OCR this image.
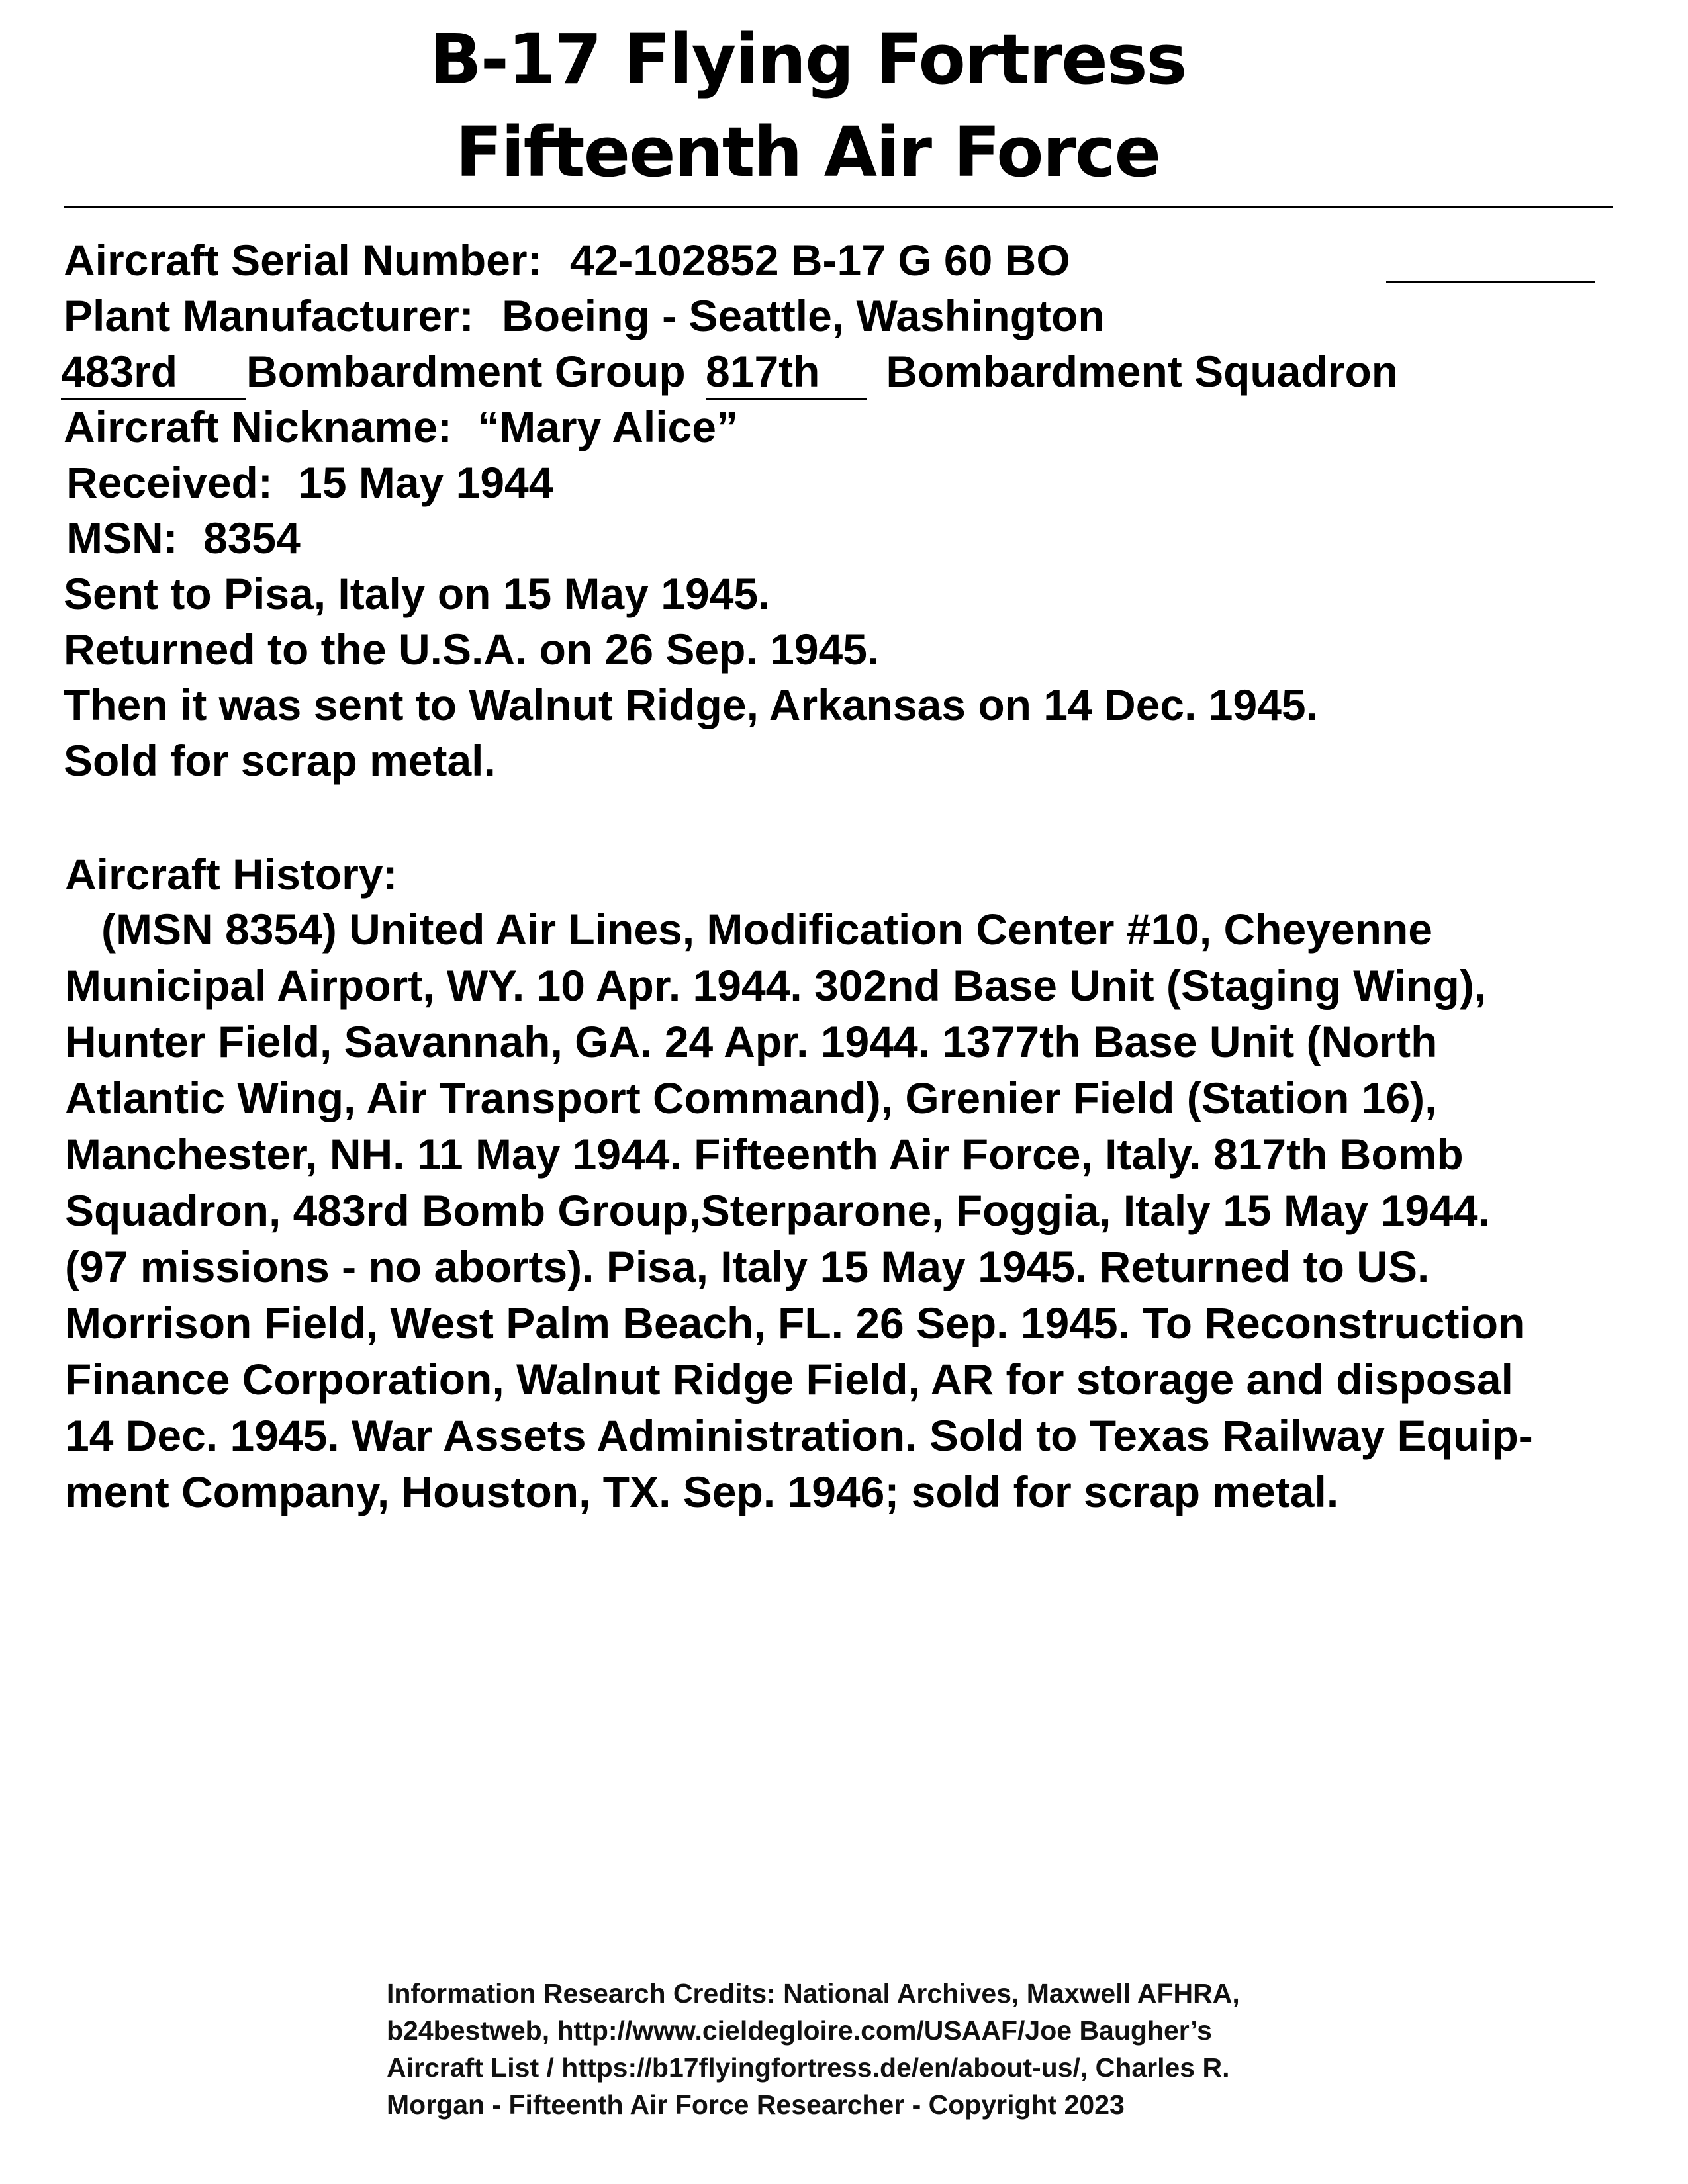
B-17 Flying Fortress
Fifteenth Air Force
Aircraft Serial Number: 42-102852 B-17 G 60 BO
Plant Manufacturer: Boeing - Seattle, Washington
483rd Bombardment Group 817th Bombardment Squadron
Aircraft Nickname: “Mary Alice”
Received: 15 May 1944
MSN: 8354
Sent to Pisa, Italy on 15 May 1945.
Returned to the U.S.A. on 26 Sep. 1945.
Then it was sent to Walnut Ridge, Arkansas on 14 Dec. 1945.
Sold for scrap metal.
Aircraft History:
(MSN 8354) United Air Lines, Modification Center #10, Cheyenne
Municipal Airport, WY. 10 Apr. 1944. 302nd Base Unit (Staging Wing),
Hunter Field, Savannah, GA. 24 Apr. 1944. 1377th Base Unit (North
Atlantic Wing, Air Transport Command), Grenier Field (Station 16),
Manchester, NH. 11 May 1944. Fifteenth Air Force, Italy. 817th Bomb
Squadron, 483rd Bomb Group,Sterparone, Foggia, Italy 15 May 1944.
(97 missions - no aborts). Pisa, Italy 15 May 1945. Returned to US.
Morrison Field, West Palm Beach, FL. 26 Sep. 1945. To Reconstruction
Finance Corporation, Walnut Ridge Field, AR for storage and disposal
14 Dec. 1945. War Assets Administration. Sold to Texas Railway Equip-
ment Company, Houston, TX. Sep. 1946; sold for scrap metal.
Information Research Credits: National Archives, Maxwell AFHRA,
b24bestweb, http://www.cieldegloire.com/USAAF/Joe Baugher’s
Aircraft List / https://b17flyingfortress.de/en/about-us/, Charles R.
Morgan - Fifteenth Air Force Researcher - Copyright 2023
